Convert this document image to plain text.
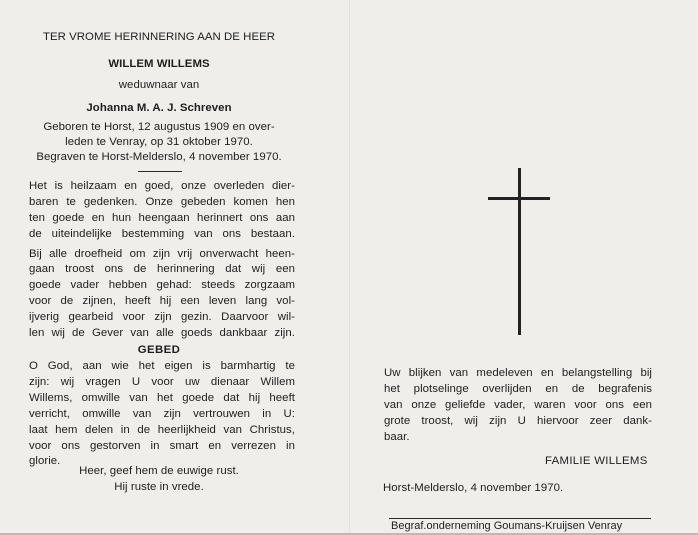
TER VROME HERINNERING AAN DE HEER
WILLEM WILLEMS
weduwnaar van
Johanna M. A. J. Schreven
Geboren te Horst, 12 augustus 1909 en over-
leden te Venray, op 31 oktober 1970.
Begraven te Horst-Melderslo, 4 november 1970.
Het is heilzaam en goed, onze overleden dier-
baren te gedenken. Onze gebeden komen hen
ten goede en hun heengaan herinnert ons aan
de uiteindelijke bestemming van ons bestaan.
Bij alle droefheid om zijn vrij onverwacht heen-
gaan troost ons de herinnering dat wij een
goede vader hebben gehad: steeds zorgzaam
voor de zijnen, heeft hij een leven lang vol-
ijverig gearbeid voor zijn gezin. Daarvoor wil-
len wij de Gever van alle goeds dankbaar zijn.
GEBED
O God, aan wie het eigen is barmhartig te
zijn: wij vragen U voor uw dienaar Willem
Willems, omwille van het goede dat hij heeft
verricht, omwille van zijn vertrouwen in U:
laat hem delen in de heerlijkheid van Christus,
voor ons gestorven in smart en verrezen in
glorie.
Heer, geef hem de euwige rust.
Hij ruste in vrede.
Uw blijken van medeleven en belangstelling bij
het plotselinge overlijden en de begrafenis
van onze geliefde vader, waren voor ons een
grote troost, wij zijn U hiervoor zeer dank-
baar.
FAMILIE WILLEMS
Horst-Melderslo, 4 november 1970.
Begraf.onderneming Goumans-Kruijsen Venray
